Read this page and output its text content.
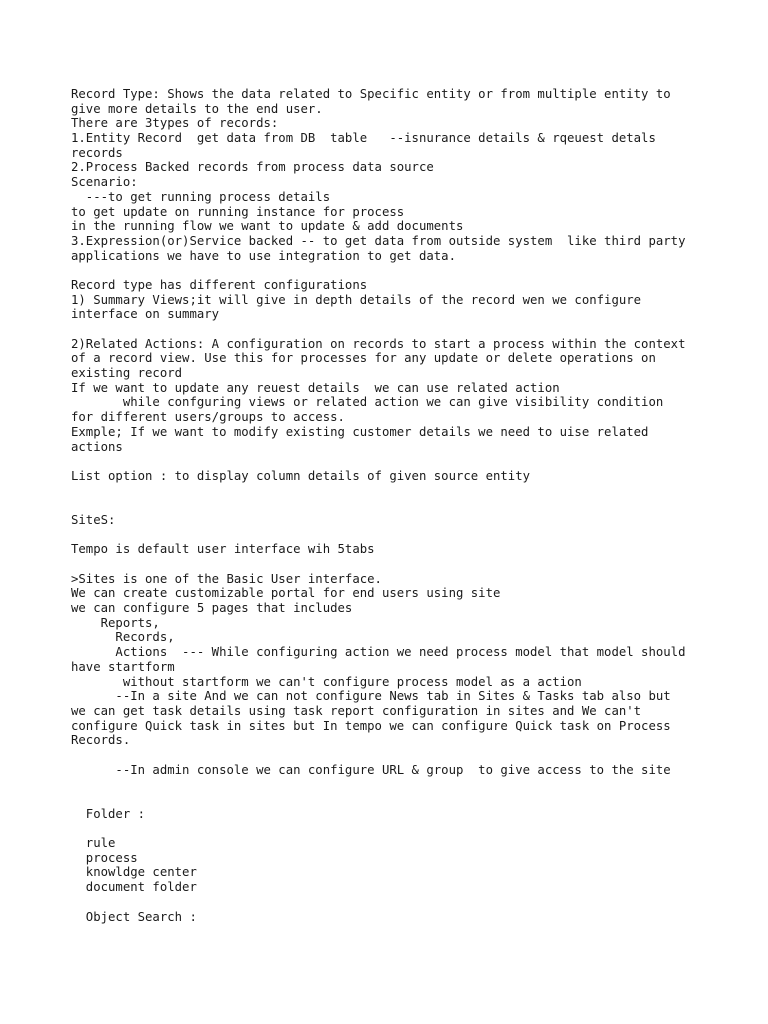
Record Type: Shows the data related to Specific entity or from multiple entity to
give more details to the end user.
There are 3types of records:
1.Entity Record  get data from DB  table   --isnurance details & rqeuest detals
records
2.Process Backed records from process data source
Scenario:
---to get running process details
to get update on running instance for process
in the running flow we want to update & add documents
3.Expression(or)Service backed -- to get data from outside system  like third party
applications we have to use integration to get data.
Record type has different configurations
1) Summary Views;it will give in depth details of the record wen we configure
interface on summary
2)Related Actions: A configuration on records to start a process within the context
of a record view. Use this for processes for any update or delete operations on
existing record
If we want to update any reuest details  we can use related action
while confguring views or related action we can give visibility condition
for different users/groups to access.
Exmple; If we want to modify existing customer details we need to uise related
actions
List option : to display column details of given source entity
SiteS:
Tempo is default user interface wih 5tabs
>Sites is one of the Basic User interface.
We can create customizable portal for end users using site
we can configure 5 pages that includes
Reports,
Records,
Actions  --- While configuring action we need process model that model should
have startform
without startform we can't configure process model as a action
--In a site And we can not configure News tab in Sites & Tasks tab also but
we can get task details using task report configuration in sites and We can't
configure Quick task in sites but In tempo we can configure Quick task on Process
Records.
--In admin console we can configure URL & group  to give access to the site
Folder :
rule
process
knowldge center
document folder
Object Search :
